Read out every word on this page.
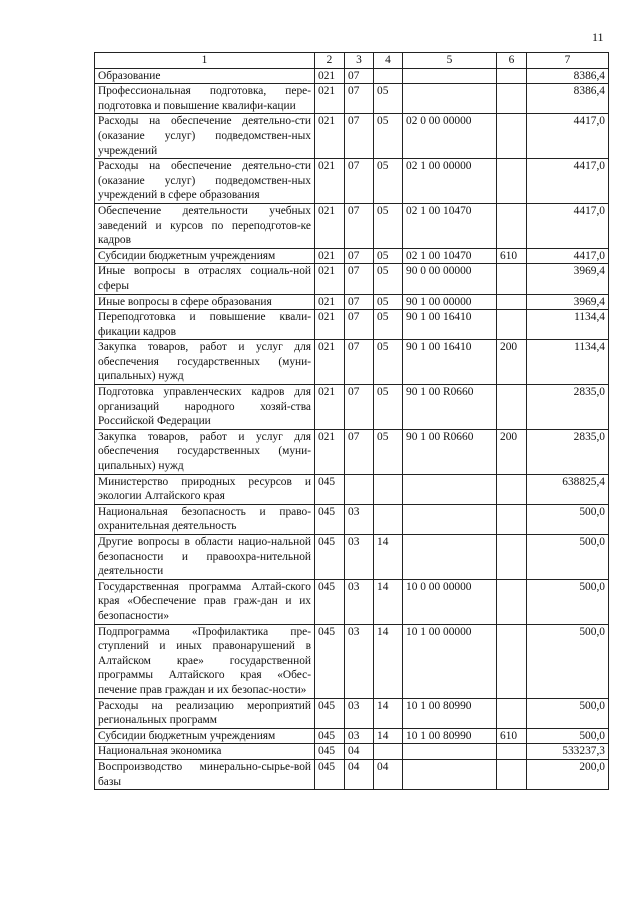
11
1	2	3	4	5	6	7
Образование	021	07				8386,4
Профессиональная подготовка, пере-подготовка и повышение квалифи-кации	021	07	05			8386,4
Расходы на обеспечение деятельно-сти (оказание услуг) подведомствен-ных учреждений	021	07	05	02 0 00 00000		4417,0
Расходы на обеспечение деятельно-сти (оказание услуг) подведомствен-ных учреждений в сфере образования	021	07	05	02 1 00 00000		4417,0
Обеспечение деятельности учебных заведений и курсов по переподготов-ке кадров	021	07	05	02 1 00 10470		4417,0
Субсидии бюджетным учреждениям	021	07	05	02 1 00 10470	610	4417,0
Иные вопросы в отраслях социаль-ной сферы	021	07	05	90 0 00 00000		3969,4
Иные вопросы в сфере образования	021	07	05	90 1 00 00000		3969,4
Переподготовка и повышение квали-фикации кадров	021	07	05	90 1 00 16410		1134,4
Закупка товаров, работ и услуг для обеспечения государственных (муни-ципальных) нужд	021	07	05	90 1 00 16410	200	1134,4
Подготовка управленческих кадров для организаций народного хозяй-ства Российской Федерации	021	07	05	90 1 00 R0660		2835,0
Закупка товаров, работ и услуг для обеспечения государственных (муни-ципальных) нужд	021	07	05	90 1 00 R0660	200	2835,0
Министерство природных ресурсов и экологии Алтайского края	045					638825,4
Национальная безопасность и право-охранительная деятельность	045	03				500,0
Другие вопросы в области нацио-нальной безопасности и правоохра-нительной деятельности	045	03	14			500,0
Государственная программа Алтай-ского края «Обеспечение прав граж-дан и их безопасности»	045	03	14	10 0 00 00000		500,0
Подпрограмма «Профилактика пре-ступлений и иных правонарушений в Алтайском крае» государственной программы Алтайского края «Обес-печение прав граждан и их безопас-ности»	045	03	14	10 1 00 00000		500,0
Расходы на реализацию мероприятий региональных программ	045	03	14	10 1 00 80990		500,0
Субсидии бюджетным учреждениям	045	03	14	10 1 00 80990	610	500,0
Национальная экономика	045	04				533237,3
Воспроизводство минерально-сырье-вой базы	045	04	04			200,0
